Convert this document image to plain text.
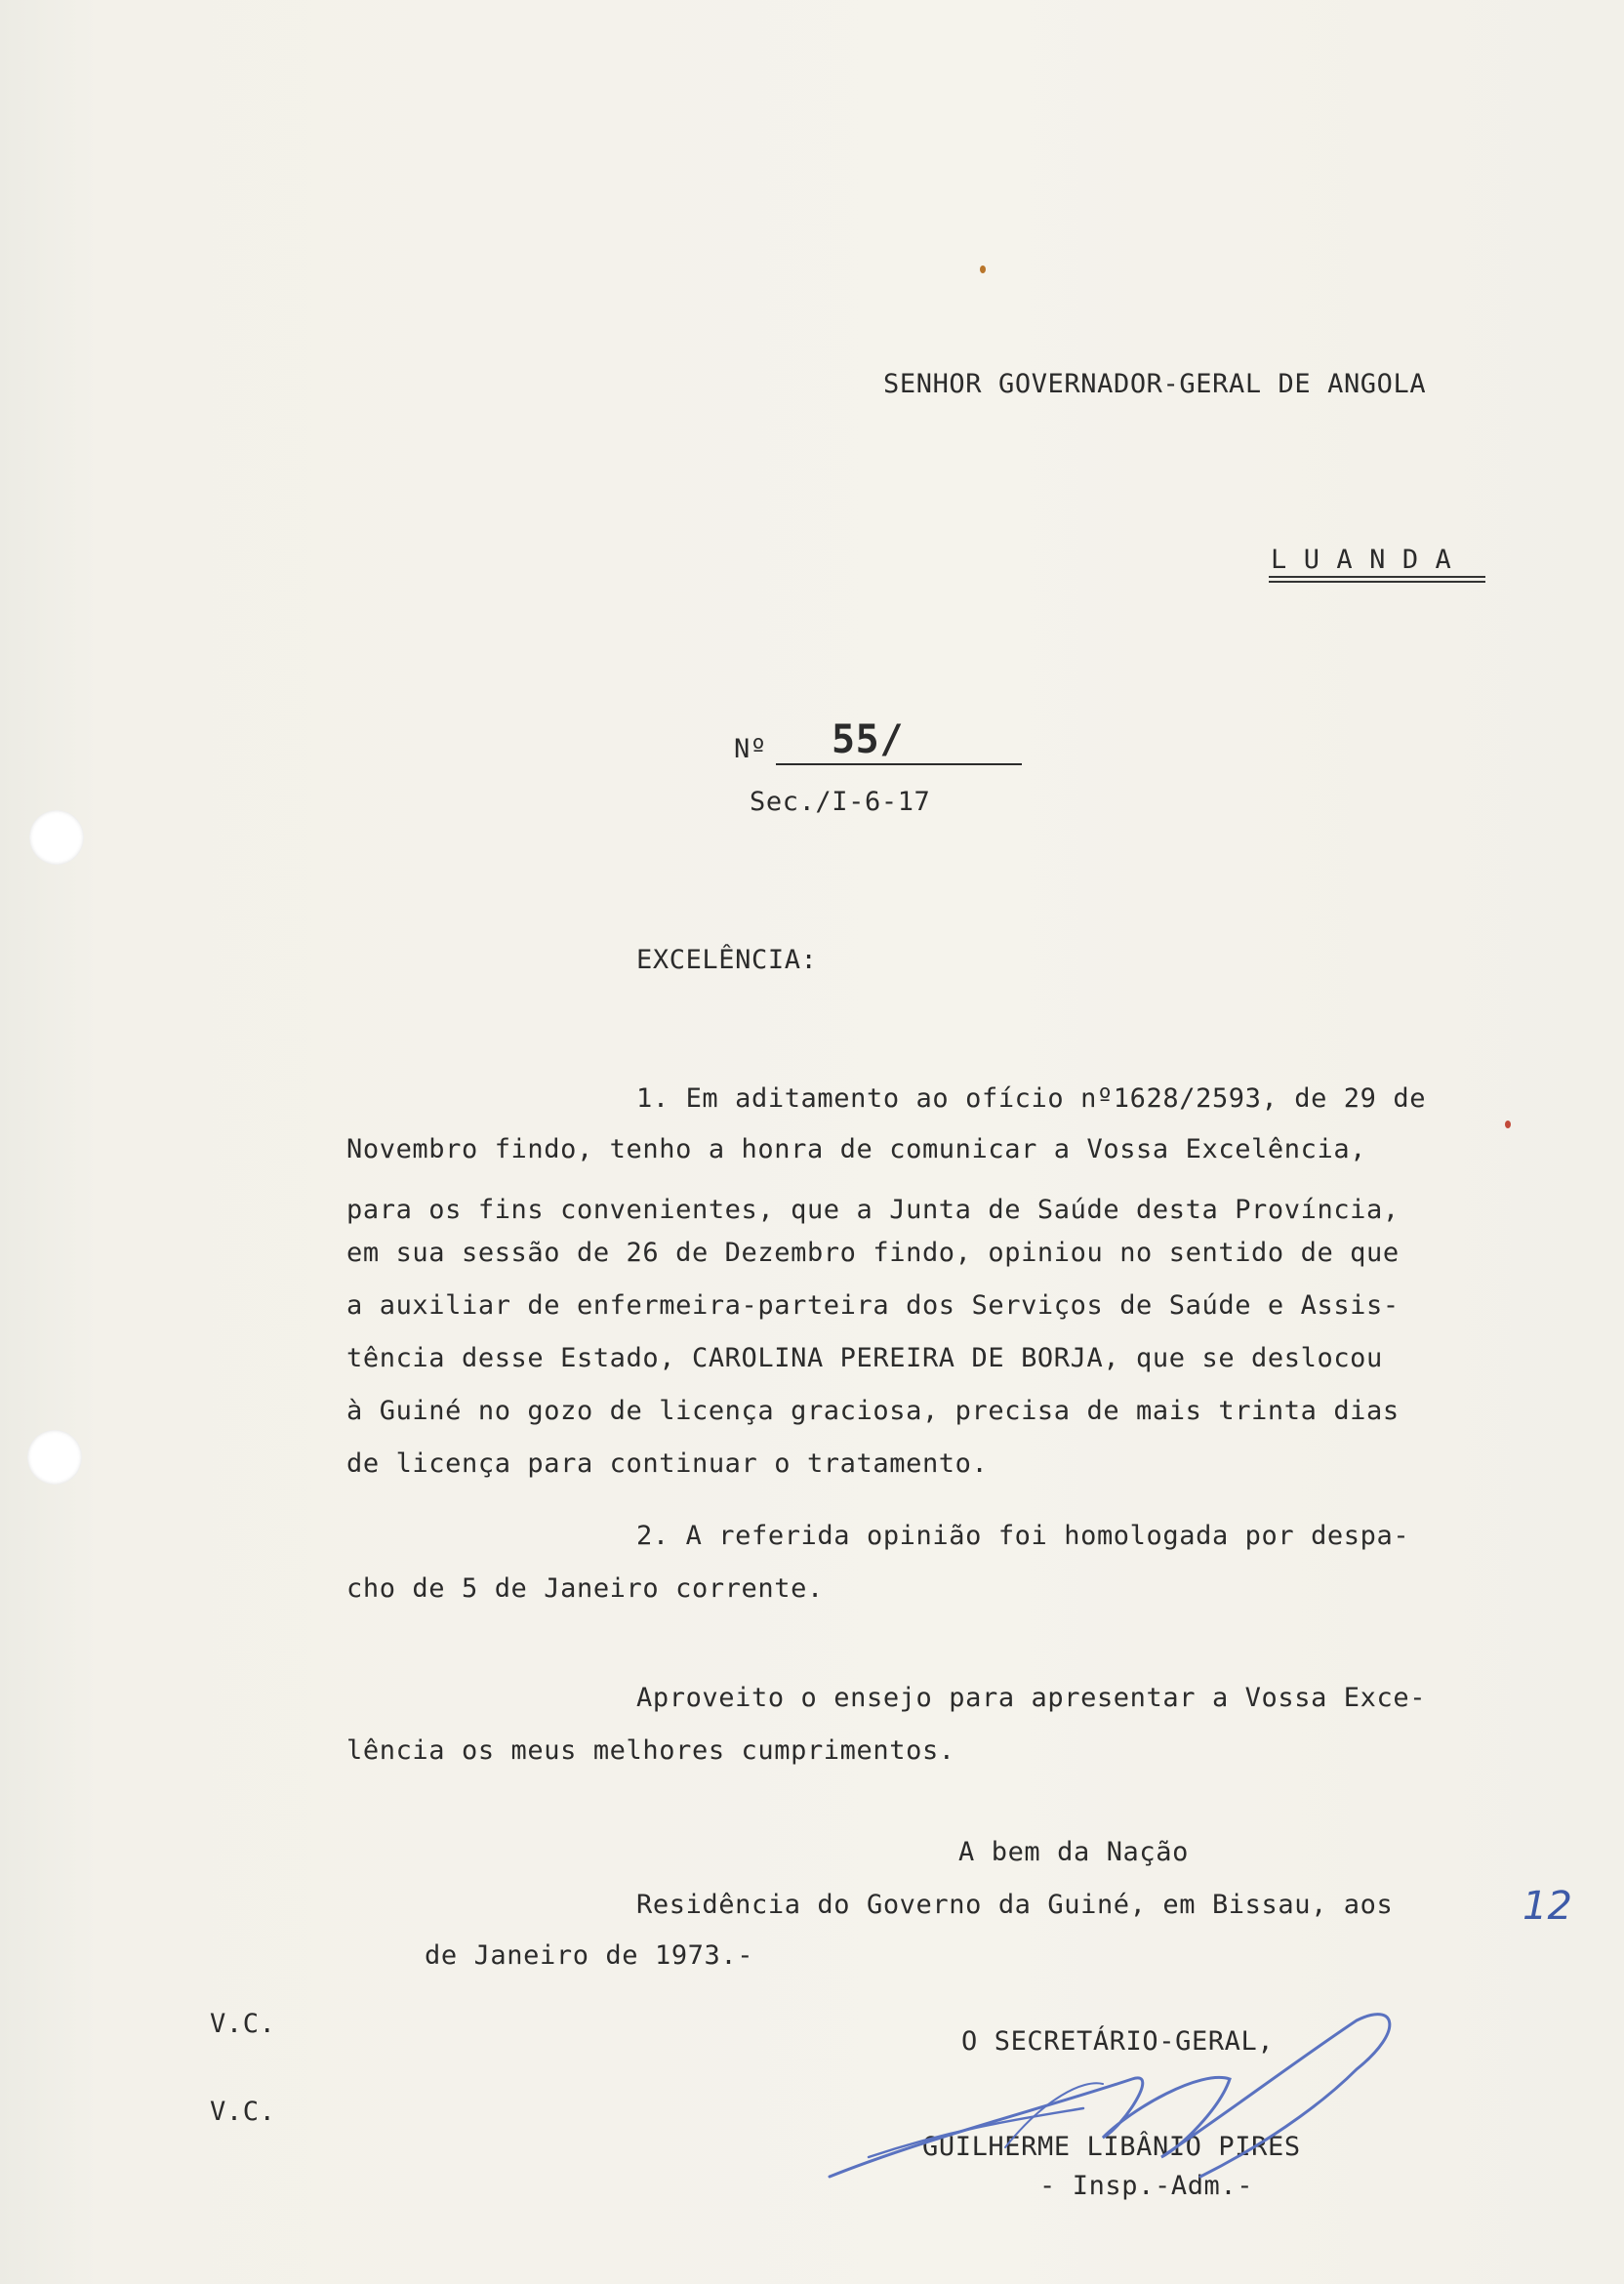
SENHOR GOVERNADOR-GERAL DE ANGOLA
L U A N D A
Nº 55/
Sec./I-6-17
EXCELÊNCIA:
1. Em aditamento ao ofício nº1628/2593, de 29 de
Novembro findo, tenho a honra de comunicar a Vossa Excelência,
para os fins convenientes, que a Junta de Saúde desta Província,
em sua sessão de 26 de Dezembro findo, opiniou no sentido de que
a auxiliar de enfermeira-parteira dos Serviços de Saúde e Assis-
tência desse Estado, CAROLINA PEREIRA DE BORJA, que se deslocou
à Guiné no gozo de licença graciosa, precisa de mais trinta dias
de licença para continuar o tratamento.
2. A referida opinião foi homologada por despa-
cho de 5 de Janeiro corrente.
Aproveito o ensejo para apresentar a Vossa Exce-
lência os meus melhores cumprimentos.
A bem da Nação
Residência do Governo da Guiné, em Bissau, aos	12
de Janeiro de 1973.-
V.C.
V.C.
O SECRETÁRIO-GERAL,
GUILHERME LIBÂNIO PIRES
- Insp.-Adm.-
